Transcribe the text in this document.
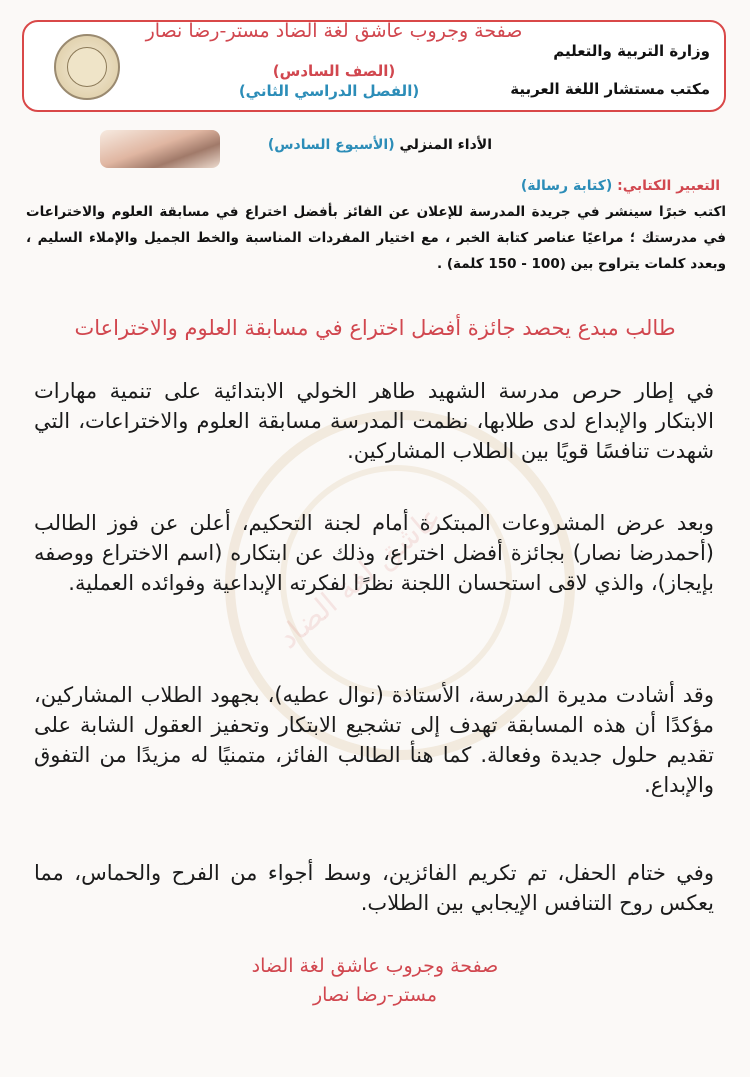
صفحة وجروب عاشق لغة الضاد مستر-رضا نصار
(الصف السادس)
(الفصل الدراسي الثاني)
وزارة التربية والتعليم
مكتب مستشار اللغة العربية
الأداء المنزلي (الأسبوع السادس)
التعبير الكتابي: (كتابة رسالة)
اكتب خبرًا سينشر في جريدة المدرسة للإعلان عن الفائز بأفضل اختراع في مسابقة العلوم والاختراعات في مدرستك ؛ مراعيًا عناصر كتابة الخبر ، مع اختيار المفردات المناسبة والخط الجميل والإملاء السليم ، وبعدد كلمات يتراوح بين (100 - 150 كلمة) .
طالب مبدع يحصد جائزة أفضل اختراع في مسابقة العلوم والاختراعات
عاشق لغة الضاد
في إطار حرص مدرسة الشهيد طاهر الخولي الابتدائية على تنمية مهارات الابتكار والإبداع لدى طلابها، نظمت المدرسة مسابقة العلوم والاختراعات، التي شهدت تنافسًا قويًا بين الطلاب المشاركين.
وبعد عرض المشروعات المبتكرة أمام لجنة التحكيم، أعلن عن فوز الطالب (أحمدرضا نصار) بجائزة أفضل اختراع، وذلك عن ابتكاره (اسم الاختراع ووصفه بإيجاز)، والذي لاقى استحسان اللجنة نظرًا لفكرته الإبداعية وفوائده العملية.
وقد أشادت مديرة المدرسة، الأستاذة (نوال عطيه)، بجهود الطلاب المشاركين، مؤكدًا أن هذه المسابقة تهدف إلى تشجيع الابتكار وتحفيز العقول الشابة على تقديم حلول جديدة وفعالة. كما هنأ الطالب الفائز، متمنيًا له مزيدًا من التفوق والإبداع.
وفي ختام الحفل، تم تكريم الفائزين، وسط أجواء من الفرح والحماس، مما يعكس روح التنافس الإيجابي بين الطلاب.
صفحة وجروب عاشق لغة الضاد
مستر-رضا نصار
